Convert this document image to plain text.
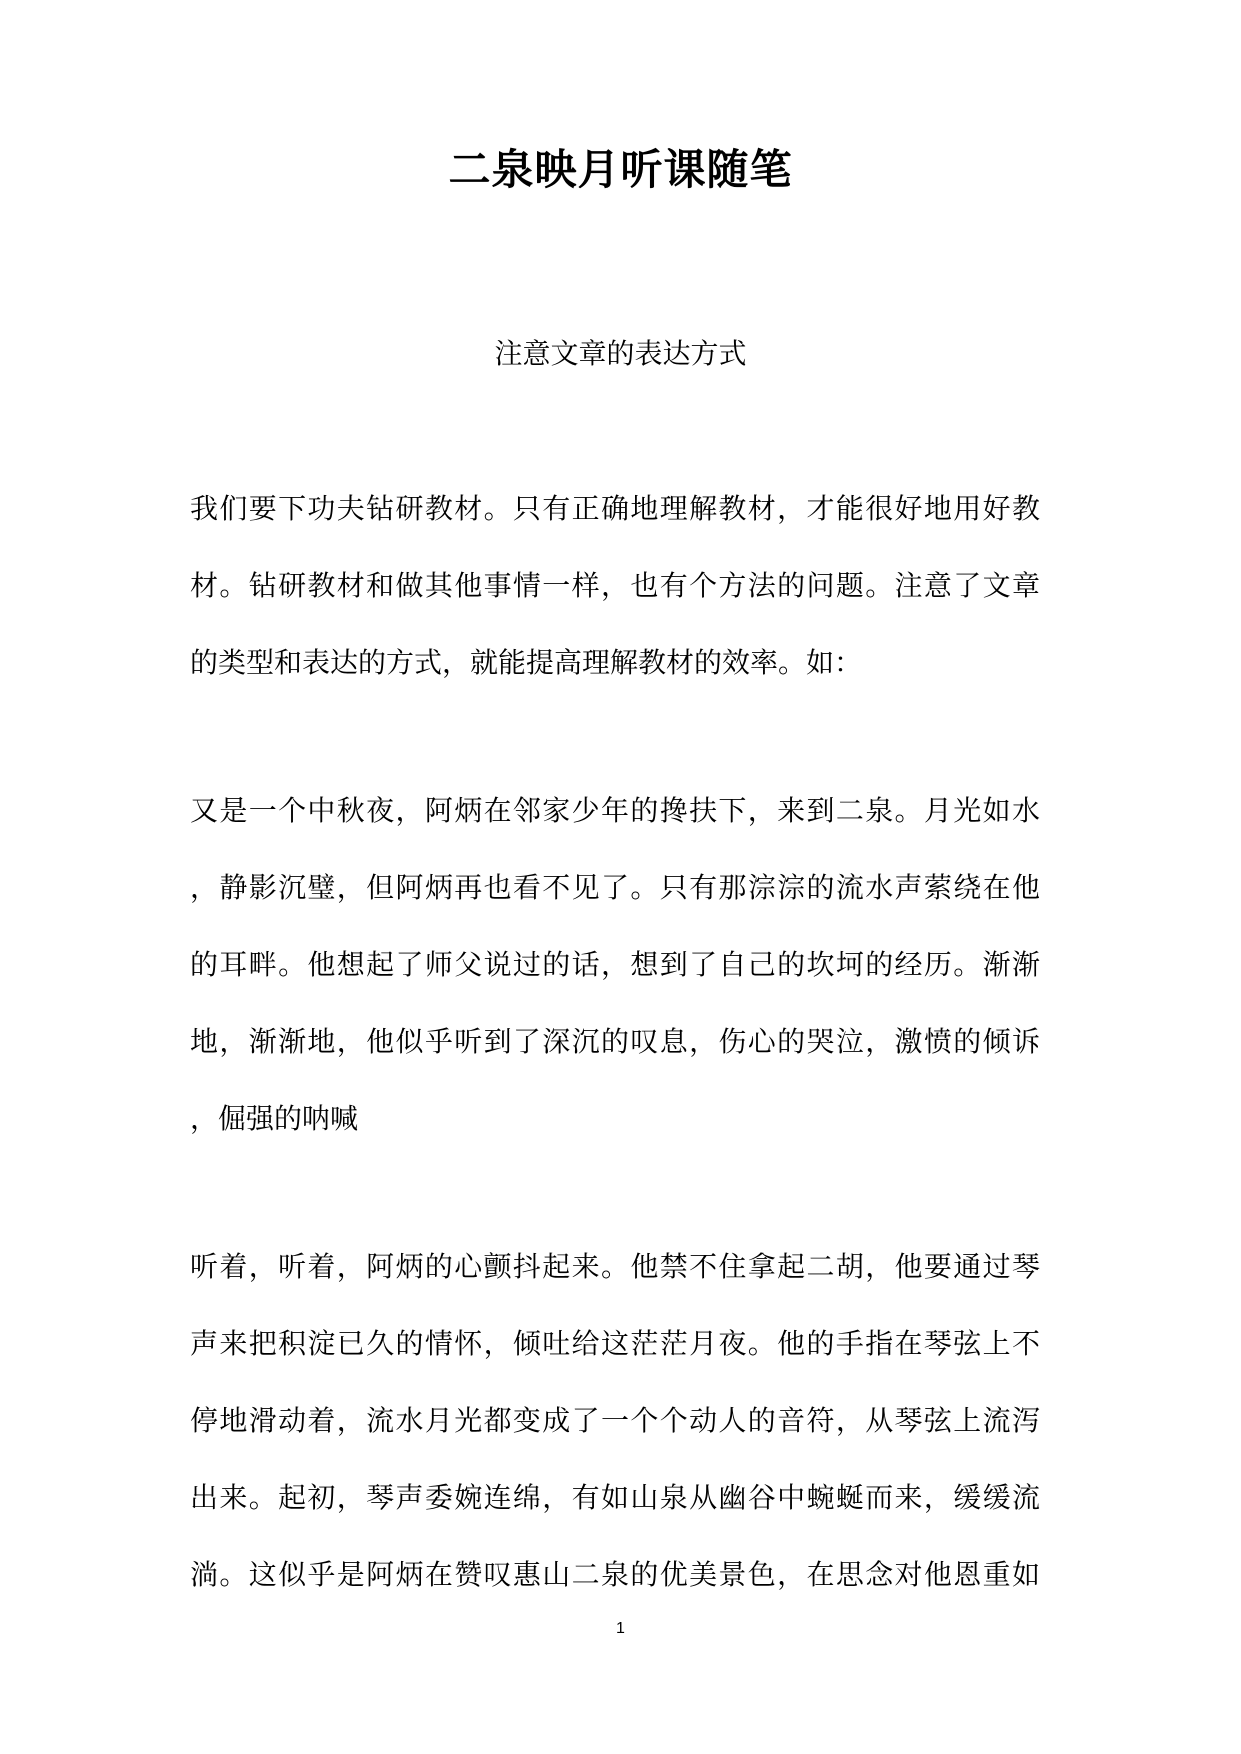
二泉映月听课随笔
注意文章的表达方式
我们要下功夫钻研教材。只有正确地理解教材，才能很好地用好教
材。钻研教材和做其他事情一样，也有个方法的问题。注意了文章
的类型和表达的方式，就能提高理解教材的效率。如：
又是一个中秋夜，阿炳在邻家少年的搀扶下，来到二泉。月光如水
，静影沉璧，但阿炳再也看不见了。只有那淙淙的流水声萦绕在他
的耳畔。他想起了师父说过的话，想到了自己的坎坷的经历。渐渐
地，渐渐地，他似乎听到了深沉的叹息，伤心的哭泣，激愤的倾诉
，倔强的呐喊
听着，听着，阿炳的心颤抖起来。他禁不住拿起二胡，他要通过琴
声来把积淀已久的情怀，倾吐给这茫茫月夜。他的手指在琴弦上不
停地滑动着，流水月光都变成了一个个动人的音符，从琴弦上流泻
出来。起初，琴声委婉连绵，有如山泉从幽谷中蜿蜒而来，缓缓流
淌。这似乎是阿炳在赞叹惠山二泉的优美景色，在思念对他恩重如
1
